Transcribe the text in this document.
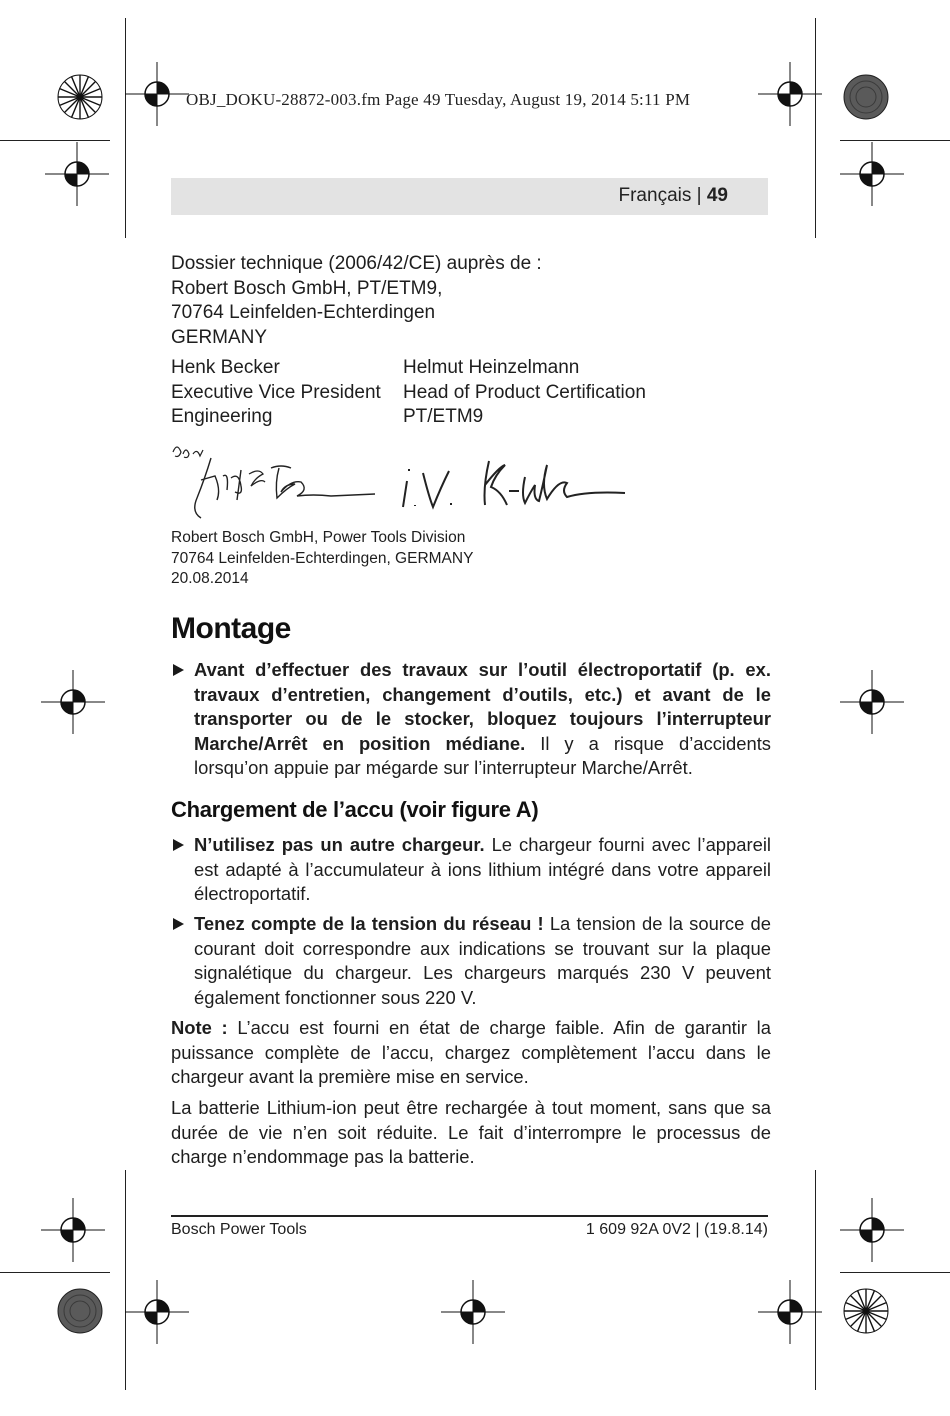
OBJ_DOKU-28872-003.fm Page 49 Tuesday, August 19, 2014 5:11 PM
Français | 49
Dossier technique (2006/42/CE) auprès de :
Robert Bosch GmbH, PT/ETM9,
70764 Leinfelden-Echterdingen
GERMANY
Henk Becker
Executive Vice President
Engineering
Helmut Heinzelmann
Head of Product Certification
PT/ETM9
Robert Bosch GmbH, Power Tools Division
70764 Leinfelden-Echterdingen, GERMANY
20.08.2014
Montage
Avant d’effectuer des travaux sur l’outil électroportatif (p. ex. travaux d’entretien, changement d’outils, etc.) et avant de le transporter ou de le stocker, bloquez toujours l’interrupteur Marche/Arrêt en position médiane. Il y a risque d’accidents lorsqu’on appuie par mégarde sur l’interrupteur Marche/Arrêt.
Chargement de l’accu (voir figure A)
N’utilisez pas un autre chargeur. Le chargeur fourni avec l’appareil est adapté à l’accumulateur à ions lithium intégré dans votre appareil électroportatif.
Tenez compte de la tension du réseau ! La tension de la source de courant doit correspondre aux indications se trouvant sur la plaque signalétique du chargeur. Les chargeurs marqués 230 V peuvent également fonctionner sous 220 V.
Note : L’accu est fourni en état de charge faible. Afin de garantir la puissance complète de l’accu, chargez complètement l’accu dans le chargeur avant la première mise en service.
La batterie Lithium-ion peut être rechargée à tout moment, sans que sa durée de vie n’en soit réduite. Le fait d’interrompre le processus de charge n’endommage pas la batterie.
Bosch Power Tools	1 609 92A 0V2 | (19.8.14)
